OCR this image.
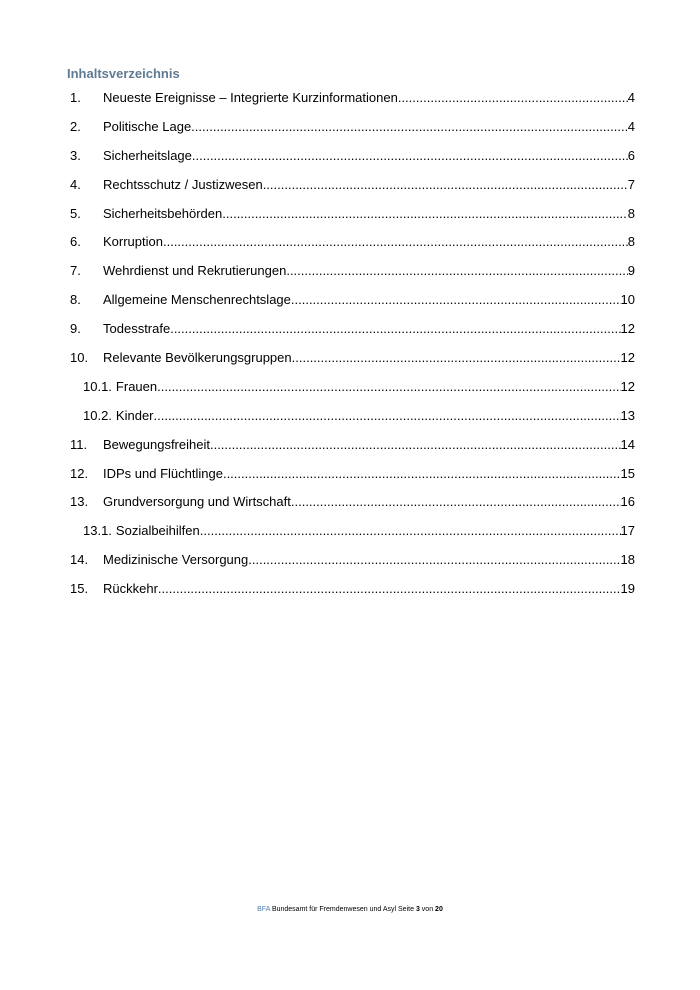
Inhaltsverzeichnis
1.	Neueste Ereignisse – Integrierte Kurzinformationen .....	4
2.	Politische Lage .....	4
3.	Sicherheitslage .....	6
4.	Rechtsschutz / Justizwesen .....	7
5.	Sicherheitsbehörden .....	8
6.	Korruption .....	8
7.	Wehrdienst und Rekrutierungen .....	9
8.	Allgemeine Menschenrechtslage .....	10
9.	Todesstrafe .....	12
10.	Relevante Bevölkerungsgruppen .....	12
10.1. Frauen .....	12
10.2. Kinder .....	13
11.	Bewegungsfreiheit .....	14
12.	IDPs und Flüchtlinge .....	15
13.	Grundversorgung und Wirtschaft .....	16
13.1. Sozialbeihilfen .....	17
14.	Medizinische Versorgung .....	18
15.	Rückkehr .....	19
BFA Bundesamt für Fremdenwesen und Asyl Seite 3 von 20
